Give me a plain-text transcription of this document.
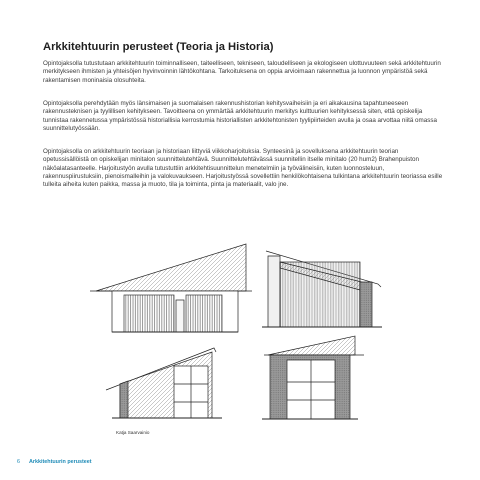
Arkkitehtuurin perusteet (Teoria ja Historia)
Opintojaksolla tutustutaan arkkitehtuurin toiminnalliseen, taiteelliseen, tekniseen, taloudelliseen ja ekologiseen ulottuvuuteen sekä arkkitehtuurin merkitykseen ihmisten ja yhteisöjen hyvinvoinnin lähtökohtana. Tarkoituksena on oppia arvioimaan rakennettua ja luonnon ympäristöä sekä rakentamisen moninaisia olosuhteita.
Opintojaksolla perehdytään myös länsimaisen ja suomalaisen rakennushistorian kehitysvaiheisiin ja eri aikakausina tapahtuneeseen rakennusteknisen ja tyylillisen kehitykseen. Tavoitteena on ymmärtää arkkitehtuurin merkitys kulttuurien kehityksessä siten, että opiskelija tunnistaa rakennetussa ympäristössä historiallisia kerrostumia historiallisten arkkitehtonisten tyylipiirteiden avulla ja osaa arvottaa niitä omassa suunnittelutyössään.
Opintojaksolla on arkkitehtuurin teoriaan ja historiaan liittyviä viikkoharjoituksia. Synteesinä ja sovelluksena arkkitehtuurin teorian opetussisällöistä on opiskelijan minitalon suunnittelutehtävä. Suunnittelutehtävässä suunnitellin itselle minitalo (20 hum2) Brahenpuiston näköalatasanteelle. Harjoitustyön avulla tutustuttiin arkkitehtisuunnittelun menetelmiin ja työvälineisiin, kuten luonnosteluun, rakennuspiirustuksiin, pienoismalleihin ja valokuvaukseen. Harjoitustyössä sovellettiin henkilökohtaisena tulkintana arkkitehtuurin teoriassa esille tulleita aiheita kuten paikka, massa ja muoto, tila ja toiminta, pinta ja materiaalit, valo jne.
Katja Saarvainio
6 Arkkitehtuurin perusteet
